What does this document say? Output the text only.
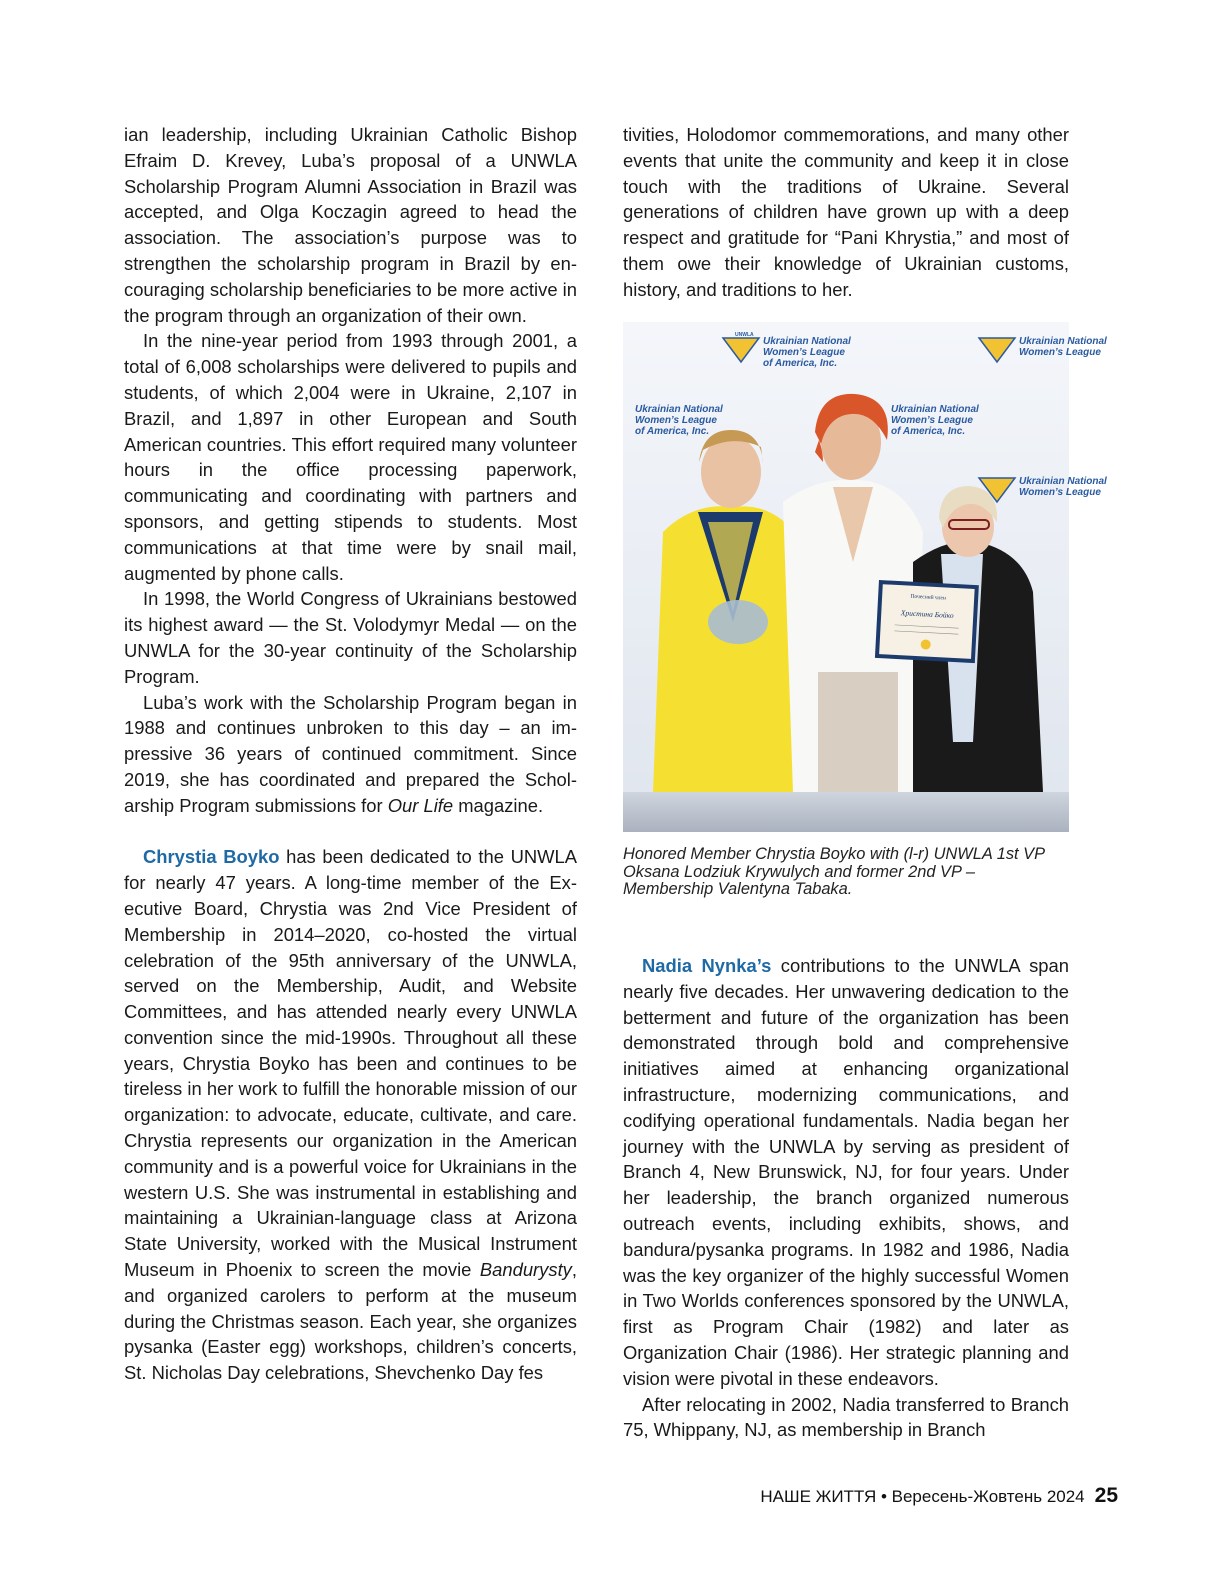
ian leadership, including Ukrainian Catholic Bishop Efraim D. Krevey, Luba’s proposal of a UNWLA Scholarship Program Alumni Association in Brazil was accepted, and Olga Koczagin agreed to head the association. The association’s purpose was to strengthen the scholarship program in Brazil by encouraging scholarship beneficiaries to be more active in the program through an organization of their own.

In the nine-year period from 1993 through 2001, a total of 6,008 scholarships were delivered to pupils and students, of which 2,004 were in Ukraine, 2,107 in Brazil, and 1,897 in other European and South American countries. This effort required many volunteer hours in the office processing paperwork, communicating and coordinating with partners and sponsors, and getting stipends to students. Most communications at that time were by snail mail, augmented by phone calls.

In 1998, the World Congress of Ukrainians bestowed its highest award — the St. Volodymyr Medal — on the UNWLA for the 30-year continuity of the Scholarship Program.

Luba’s work with the Scholarship Program began in 1988 and continues unbroken to this day – an impressive 36 years of continued commitment. Since 2019, she has coordinated and prepared the Scholarship Program submissions for Our Life magazine.

Chrystia Boyko has been dedicated to the UNWLA for nearly 47 years. A long-time member of the Executive Board, Chrystia was 2nd Vice President of Membership in 2014–2020, co-hosted the virtual celebration of the 95th anniversary of the UNWLA, served on the Membership, Audit, and Website Committees, and has attended nearly every UNWLA convention since the mid-1990s. Throughout all these years, Chrystia Boyko has been and continues to be tireless in her work to fulfill the honorable mission of our organization: to advocate, educate, cultivate, and care. Chrystia represents our organization in the American community and is a powerful voice for Ukrainians in the western U.S. She was instrumental in establishing and maintaining a Ukrainian-language class at Arizona State University, worked with the Musical Instrument Museum in Phoenix to screen the movie Bandurysty, and organized carolers to perform at the museum during the Christmas season. Each year, she organizes pysanka (Easter egg) workshops, children’s concerts, St. Nicholas Day celebrations, Shevchenko Day fes

tivities, Holodomor commemorations, and many other events that unite the community and keep it in close touch with the traditions of Ukraine. Several generations of children have grown up with a deep respect and gratitude for “Pani Khrystia,” and most of them owe their knowledge of Ukrainian customs, history, and traditions to her.

UNWLA
Ukrainian National
Women’s League
of America, Inc.
Ukrainian National
Women’s League
Ukrainian National
Women’s League
of America, Inc.
Ukrainian National
Women’s League
of America, Inc.
Ukrainian National
Women’s League
Почесний член
Христина Бойко
Honored Member Chrystia Boyko with (l-r) UNWLA 1st VP Oksana Lodziuk Krywulych and former 2nd VP – Membership Valentyna Tabaka.

Nadia Nynka’s contributions to the UNWLA span nearly five decades. Her unwavering dedication to the betterment and future of the organization has been demonstrated through bold and comprehensive initiatives aimed at enhancing organizational infrastructure, modernizing communications, and codifying operational fundamentals. Nadia began her journey with the UNWLA by serving as president of Branch 4, New Brunswick, NJ, for four years. Under her leadership, the branch organized numerous outreach events, including exhibits, shows, and bandura/pysanka programs. In 1982 and 1986, Nadia was the key organizer of the highly successful Women in Two Worlds conferences sponsored by the UNWLA, first as Program Chair (1982) and later as Organization Chair (1986). Her strategic planning and vision were pivotal in these endeavors.

After relocating in 2002, Nadia transferred to Branch 75, Whippany, NJ, as membership in Branch

НАШЕ ЖИТТЯ • Вересень-Жовтень 2024 25
